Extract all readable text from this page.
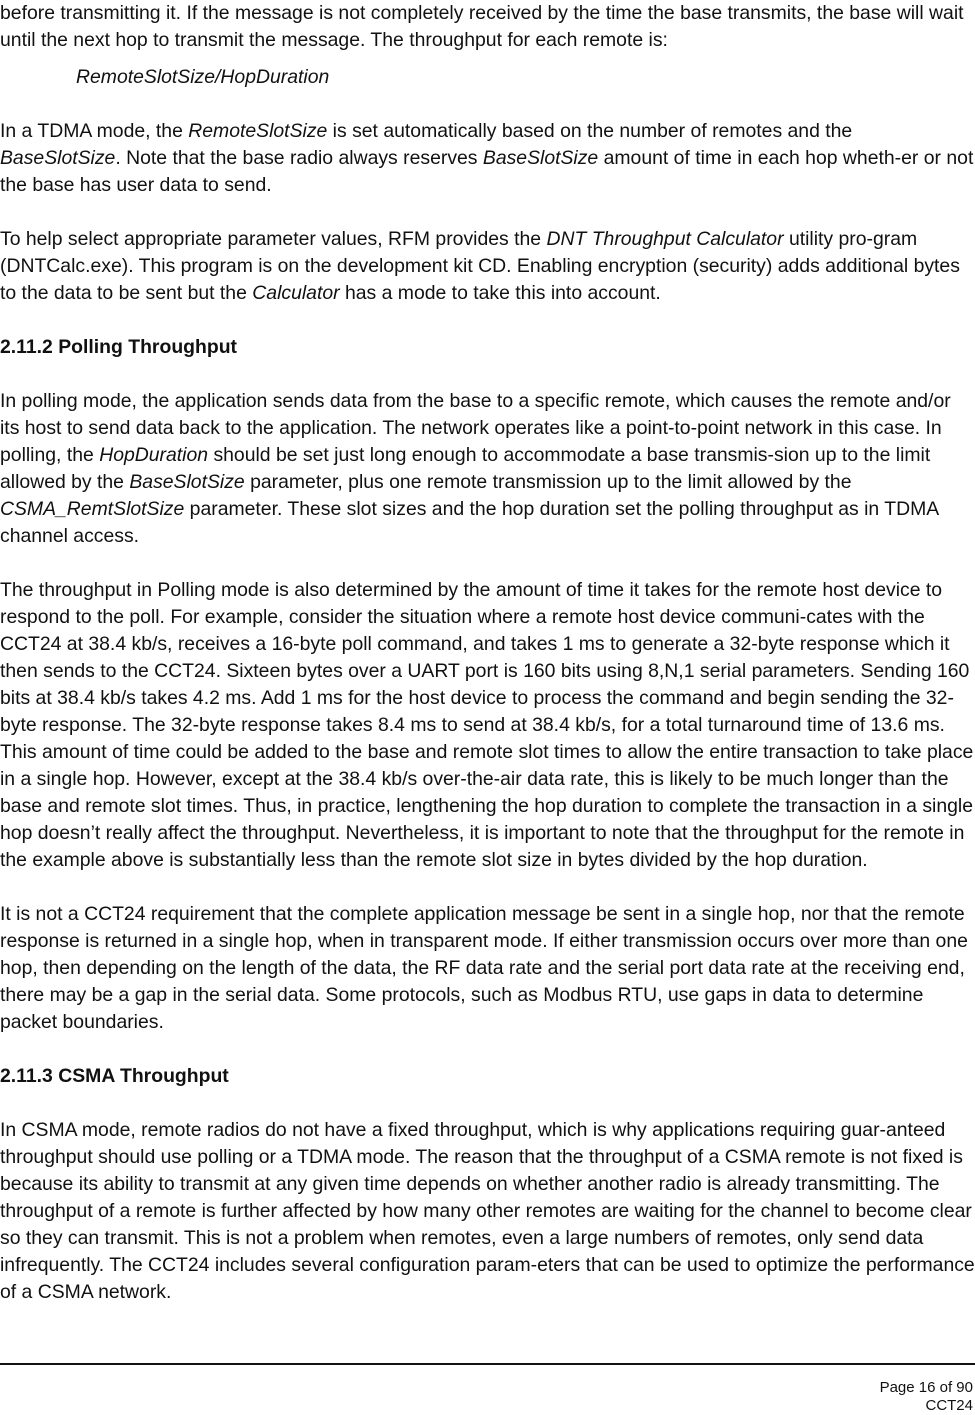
before transmitting it. If the message is not completely received by the time the base transmits, the base will wait until the next hop to transmit the message. The throughput for each remote is:

RemoteSlotSize/HopDuration

In a TDMA mode, the RemoteSlotSize is set automatically based on the number of remotes and the BaseSlotSize. Note that the base radio always reserves BaseSlotSize amount of time in each hop wheth-er or not the base has user data to send.

To help select appropriate parameter values, RFM provides the DNT Throughput Calculator utility pro-gram (DNTCalc.exe). This program is on the development kit CD. Enabling encryption (security) adds additional bytes to the data to be sent but the Calculator has a mode to take this into account.

2.11.2 Polling Throughput

In polling mode, the application sends data from the base to a specific remote, which causes the remote and/or its host to send data back to the application. The network operates like a point-to-point network in this case. In polling, the HopDuration should be set just long enough to accommodate a base transmis-sion up to the limit allowed by the BaseSlotSize parameter, plus one remote transmission up to the limit allowed by the CSMA_RemtSlotSize parameter. These slot sizes and the hop duration set the polling throughput as in TDMA channel access.

The throughput in Polling mode is also determined by the amount of time it takes for the remote host device to respond to the poll. For example, consider the situation where a remote host device communi-cates with the CCT24 at 38.4 kb/s, receives a 16-byte poll command, and takes 1 ms to generate a 32-byte response which it then sends to the CCT24. Sixteen bytes over a UART port is 160 bits using 8,N,1 serial parameters. Sending 160 bits at 38.4 kb/s takes 4.2 ms. Add 1 ms for the host device to process the command and begin sending the 32-byte response. The 32-byte response takes 8.4 ms to send at 38.4 kb/s, for a total turnaround time of 13.6 ms. This amount of time could be added to the base and remote slot times to allow the entire transaction to take place in a single hop. However, except at the 38.4 kb/s over-the-air data rate, this is likely to be much longer than the base and remote slot times. Thus, in practice, lengthening the hop duration to complete the transaction in a single hop doesn’t really affect the throughput. Nevertheless, it is important to note that the throughput for the remote in the example above is substantially less than the remote slot size in bytes divided by the hop duration.

It is not a CCT24 requirement that the complete application message be sent in a single hop, nor that the remote response is returned in a single hop, when in transparent mode. If either transmission occurs over more than one hop, then depending on the length of the data, the RF data rate and the serial port data rate at the receiving end, there may be a gap in the serial data. Some protocols, such as Modbus RTU, use gaps in data to determine packet boundaries.

2.11.3 CSMA Throughput

In CSMA mode, remote radios do not have a fixed throughput, which is why applications requiring guar-anteed throughput should use polling or a TDMA mode. The reason that the throughput of a CSMA remote is not fixed is because its ability to transmit at any given time depends on whether another radio is already transmitting. The throughput of a remote is further affected by how many other remotes are waiting for the channel to become clear so they can transmit. This is not a problem when remotes, even a large numbers of remotes, only send data infrequently. The CCT24 includes several configuration param-eters that can be used to optimize the performance of a CSMA network.

Page 16 of 90
CCT24
